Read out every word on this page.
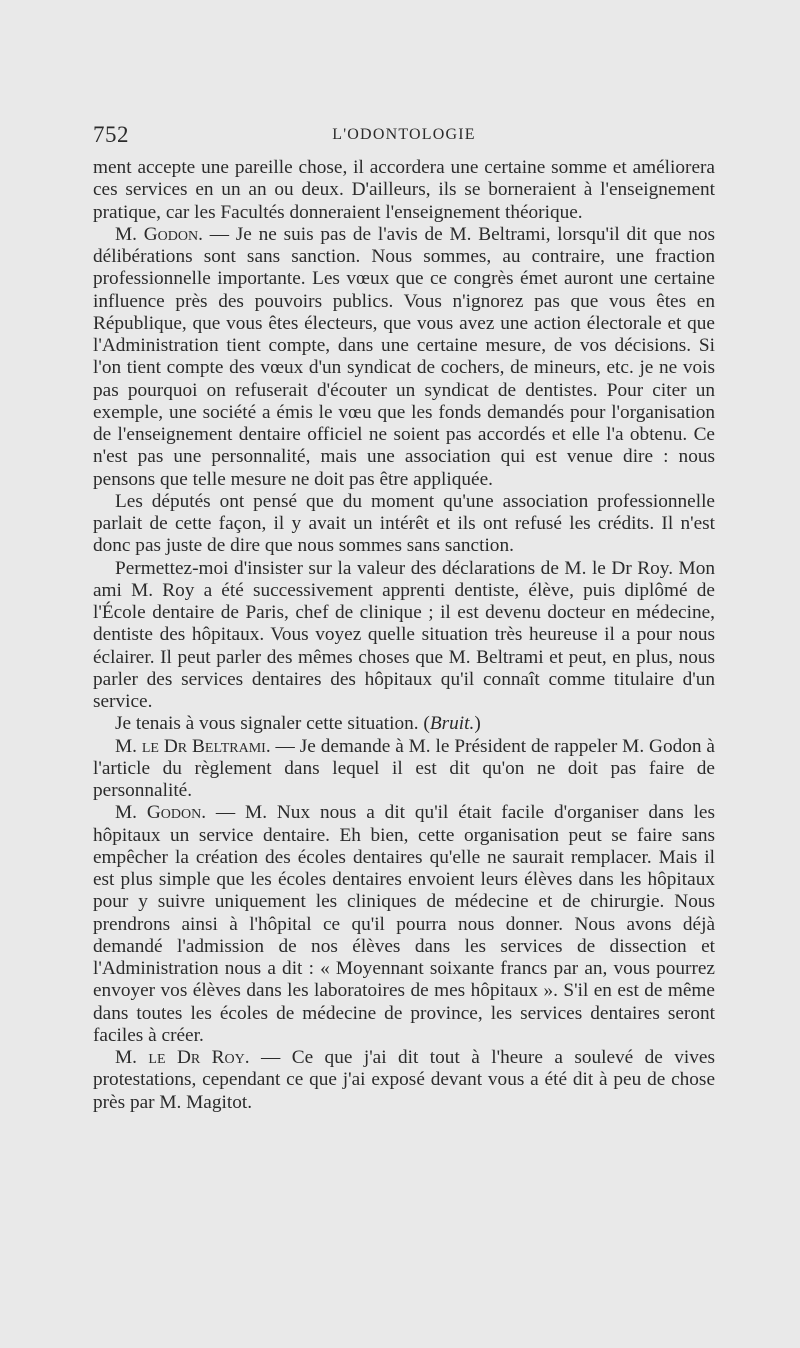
752	L'ODONTOLOGIE

ment accepte une pareille chose, il accordera une certaine somme et améliorera ces services en un an ou deux. D'ailleurs, ils se borneraient à l'enseignement pratique, car les Facultés donneraient l'enseignement théorique.

M. Godon. — Je ne suis pas de l'avis de M. Beltrami, lorsqu'il dit que nos délibérations sont sans sanction. Nous sommes, au contraire, une fraction professionnelle importante. Les vœux que ce congrès émet auront une certaine influence près des pouvoirs publics. Vous n'ignorez pas que vous êtes en République, que vous êtes électeurs, que vous avez une action électorale et que l'Administration tient compte, dans une certaine mesure, de vos décisions. Si l'on tient compte des vœux d'un syndicat de cochers, de mineurs, etc. je ne vois pas pourquoi on refuserait d'écouter un syndicat de dentistes. Pour citer un exemple, une société a émis le vœu que les fonds demandés pour l'organisation de l'enseignement dentaire officiel ne soient pas accordés et elle l'a obtenu. Ce n'est pas une personnalité, mais une association qui est venue dire : nous pensons que telle mesure ne doit pas être appliquée.

Les députés ont pensé que du moment qu'une association professionnelle parlait de cette façon, il y avait un intérêt et ils ont refusé les crédits. Il n'est donc pas juste de dire que nous sommes sans sanction.

Permettez-moi d'insister sur la valeur des déclarations de M. le Dr Roy. Mon ami M. Roy a été successivement apprenti dentiste, élève, puis diplômé de l'École dentaire de Paris, chef de clinique ; il est devenu docteur en médecine, dentiste des hôpitaux. Vous voyez quelle situation très heureuse il a pour nous éclairer. Il peut parler des mêmes choses que M. Beltrami et peut, en plus, nous parler des services dentaires des hôpitaux qu'il connaît comme titulaire d'un service.

Je tenais à vous signaler cette situation. (Bruit.)

M. le Dr Beltrami. — Je demande à M. le Président de rappeler M. Godon à l'article du règlement dans lequel il est dit qu'on ne doit pas faire de personnalité.

M. Godon. — M. Nux nous a dit qu'il était facile d'organiser dans les hôpitaux un service dentaire. Eh bien, cette organisation peut se faire sans empêcher la création des écoles dentaires qu'elle ne saurait remplacer. Mais il est plus simple que les écoles dentaires envoient leurs élèves dans les hôpitaux pour y suivre uniquement les cliniques de médecine et de chirurgie. Nous prendrons ainsi à l'hôpital ce qu'il pourra nous donner. Nous avons déjà demandé l'admission de nos élèves dans les services de dissection et l'Administration nous a dit : « Moyennant soixante francs par an, vous pourrez envoyer vos élèves dans les laboratoires de mes hôpitaux ». S'il en est de même dans toutes les écoles de médecine de province, les services dentaires seront faciles à créer.

M. le Dr Roy. — Ce que j'ai dit tout à l'heure a soulevé de vives protestations, cependant ce que j'ai exposé devant vous a été dit à peu de chose près par M. Magitot.
